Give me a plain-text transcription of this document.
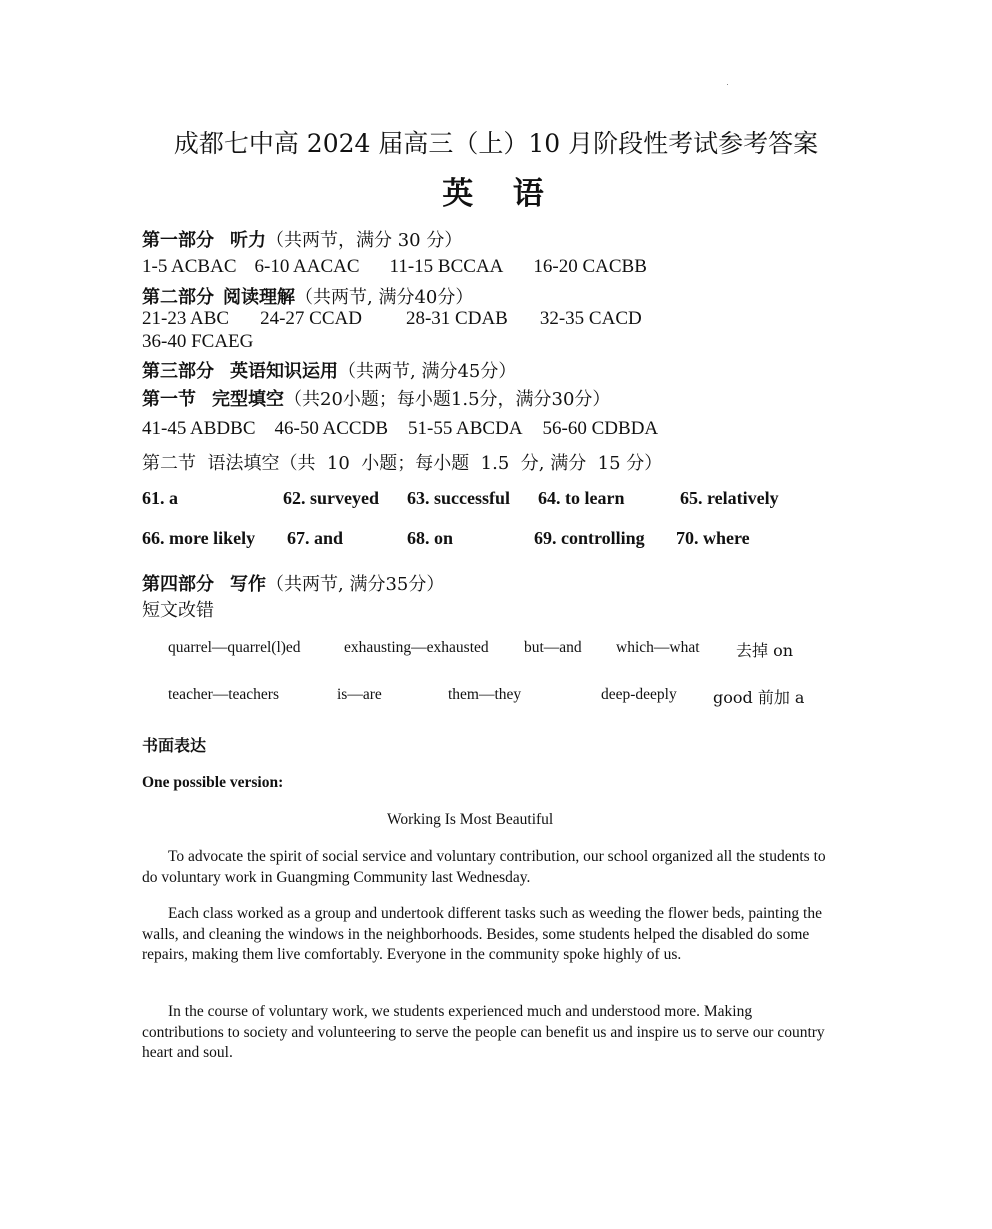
成都七中高 2024 届高三（上）10 月阶段性考试参考答案
英  语
第一部分 听力（共两节，满分 30 分）
1-5 ACBAC 6-10 AACAC 11-15 BCCAA 16-20 CACBB
第二部分 阅读理解（共两节, 满分40分）
21-23 ABC 24-27 CCAD 28-31 CDAB 32-35 CACD
36-40 FCAEG
第三部分 英语知识运用（共两节, 满分45分）
第一节 完型填空（共20小题；每小题1.5分，满分30分）
41-45 ABDBC 46-50 ACCDB 51-55 ABCDA 56-60 CDBDA
第二节  语法填空（共  10  小题；每小题  1.5  分, 满分  15 分）
61. a	62. surveyed 63. successful 64. to learn	65. relatively
66. more likely 67. and	68. on	69. controlling 70. where
第四部分 写作（共两节, 满分35分）
短文改错
quarrel—quarrel(l)ed	exhausting—exhausted but—and which—what 去掉 on
teacher—teachers	is—are	them—they	deep-deeply good 前加 a
书面表达
One possible version:
Working Is Most Beautiful
To advocate the spirit of social service and voluntary contribution, our school organized all the students to do voluntary work in Guangming Community last Wednesday.
Each class worked as a group and undertook different tasks such as weeding the flower beds, painting the walls, and cleaning the windows in the neighborhoods. Besides, some students helped the disabled do some repairs, making them live comfortably. Everyone in the community spoke highly of us.
In the course of voluntary work, we students experienced much and understood more. Making contributions to society and volunteering to serve the people can benefit us and inspire us to serve our country heart and soul.
